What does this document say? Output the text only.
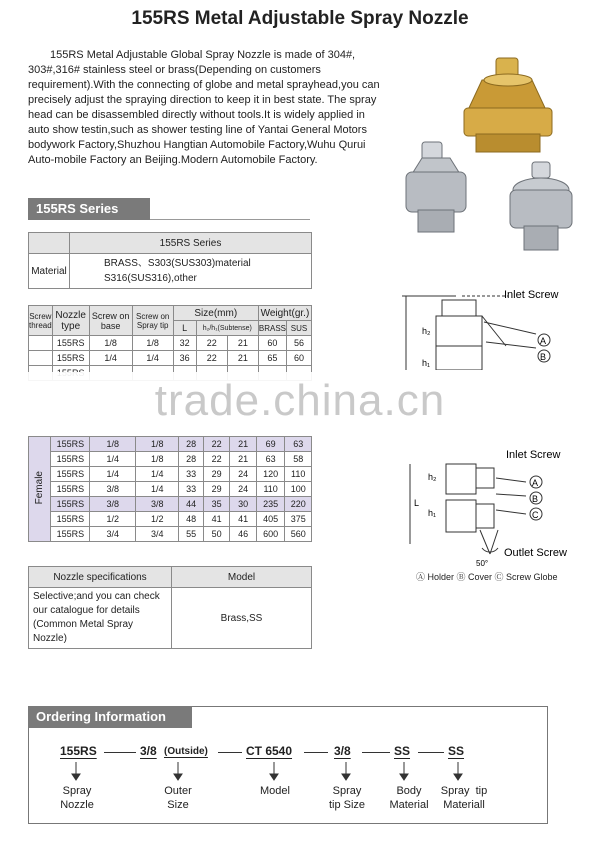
155RS Metal Adjustable Spray Nozzle

155RS Metal Adjustable Global Spray Nozzle is made of 304#, 303#,316# stainless steel or brass(Depending on customers requirement).With the connecting of globe and metal sprayhead,you can precisely adjust the spraying direction to keep it in best state. The spray head can be disassembled directly without tools.It is widely applied in auto show testin,such as shower testing line of Yantai General Motors bodywork Factory,Shuzhou Hangtian Automobile Factory,Wuhu Qurui Auto-mobile Factory an Beijing.Modern Automobile Factory.

155RS Series
	155RS Series
Material	BRASS、S303(SUS303)material
S316(SUS316),other
Screw thread	Nozzle type	Screw on base	Screw on Spray tip	Size(mm)			Weight(gr.)	
				L	h₂/h₁(Subtense)		BRASS	SUS
	155RS	1/8	1/8	32	22	21	60	56
	155RS	1/4	1/4	36	22	21	65	60

trade.china.cn
Female	155RS	1/8	1/8	28	22	21	69	63
	155RS	1/4	1/8	28	22	21	63	58
	155RS	1/4	1/4	33	29	24	120	110
	155RS	3/8	1/4	33	29	24	110	100
	155RS	3/8	3/8	44	35	30	235	220
	155RS	1/2	1/2	48	41	41	405	375
	155RS	3/4	3/4	55	50	46	600	560
Nozzle specifications	Model
Selective;and you can check our catalogue for details (Common Metal Spray Nozzle)	Brass,SS
A
B
h₂
h₁
Inlet Screw
A
B
C
h₂
h₁
L
50°
Inlet Screw
Outlet Screw
Ⓐ Holder Ⓑ Cover Ⓒ Screw Globe
Ordering Information
155RS	3/8 (Outside)	CT 6540	3/8	SS	SS
Spray
Nozzle
Outer
Size
Model	Spray
tip Size
Body
Material
Spray  tip
Materiall
